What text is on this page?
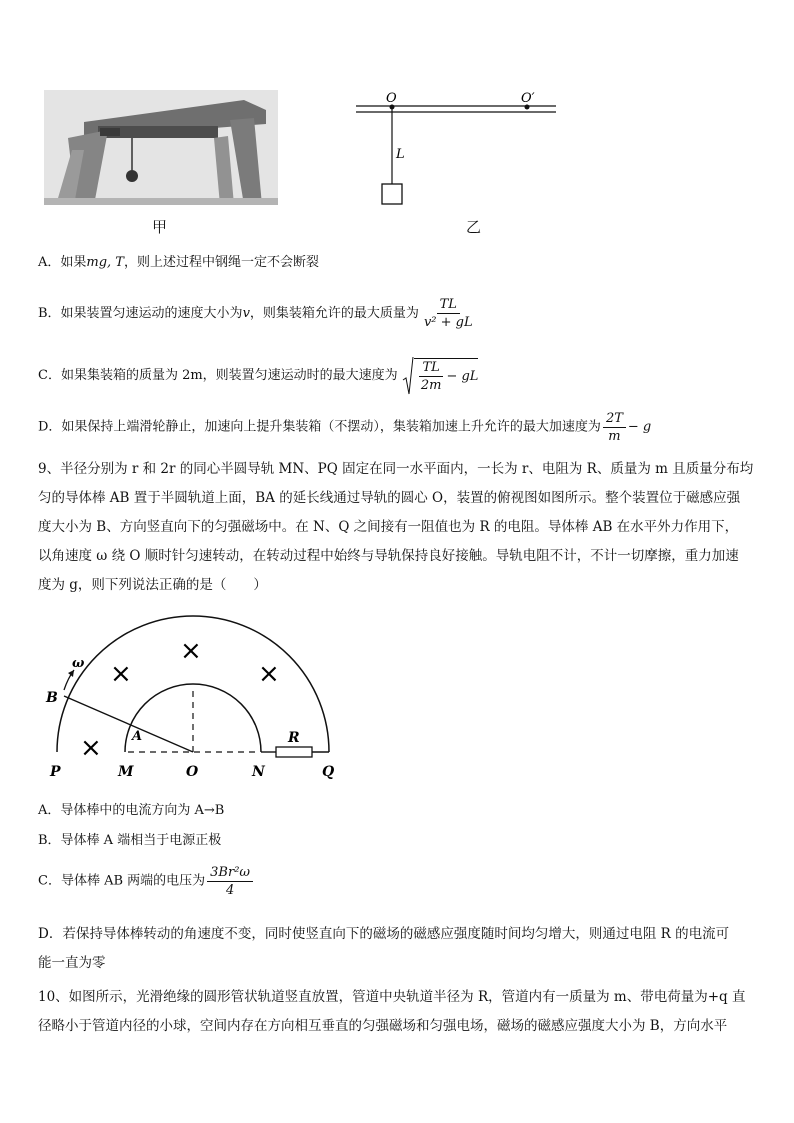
甲
O	O′
L
乙
A．如果mg, T，则上述过程中钢绳一定不会断裂
B．如果装置匀速运动的速度大小为v，则集装箱允许的最大质量为 $\frac{TL}{\text{v² + gL}}$
C．如果集装箱的质量为 2m，则装置匀速运动时的最大速度为 $\frac{TL}{2m}$ − gL
D．如果保持上端滑轮静止，加速向上提升集装箱（不摆动），集装箱加速上升允许的最大加速度为 $\frac{2T}{m} - g$
9、半径分别为 r 和 2r 的同心半圆导轨 MN、PQ 固定在同一水平面内，一长为 r、电阻为 R、质量为 m 且质量分布均
匀的导体棒 AB 置于半圆轨道上面，BA 的延长线通过导轨的圆心 O，装置的俯视图如图所示。整个装置位于磁感应强
度大小为 B、方向竖直向下的匀强磁场中。在 N、Q 之间接有一阻值也为 R 的电阻。导体棒 AB 在水平外力作用下，
以角速度 ω 绕 O 顺时针匀速转动，在转动过程中始终与导轨保持良好接触。导轨电阻不计，不计一切摩擦，重力加速
度为 g，则下列说法正确的是（　　）
ω
B
A
P	M	O	N	Q
R
×
×
×
×
A．导体棒中的电流方向为 A→B
B．导体棒 A 端相当于电源正极
C．导体棒 AB 两端的电压为 $\frac{\text{3Br²ω}}{4}$
D．若保持导体棒转动的角速度不变，同时使竖直向下的磁场的磁感应强度随时间均匀增大，则通过电阻 R 的电流可
能一直为零
10、如图所示，光滑绝缘的圆形管状轨道竖直放置，管道中央轨道半径为 R，管道内有一质量为 m、带电荷量为+q 直
径略小于管道内径的小球，空间内存在方向相互垂直的匀强磁场和匀强电场，磁场的磁感应强度大小为 B，方向水平
